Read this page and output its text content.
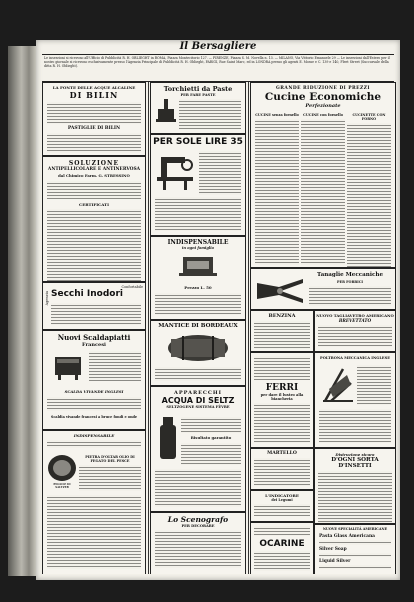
Il Bersagliere
Le inserzioni si ricevono all'Ufficio di Pubblicità R. H. OBLIEGHT in ROMA, Piazza Montecitorio 127. — FIRENZE, Piazza S. M. Novella n. 13. — MILANO, Via Vittorio Emanuele 29 — Le inserzioni dall'Estero per il nostro giornale si ricevono esclusivamente presso l'Agenzia Principale di Pubblicità R. H. Oblieght, PARIGI, Rue Saint Marc, ed in LONDRA presso gli agenti E. Mosse e C. 139 e 140, Fleet Street (Succursale della ditta R. H. Oblieght).
LA FONTE DELLE ACQUE ALCALINE
DI BILIN
PASTIGLIE DI BILIN
SOLUZIONE
ANTIPELLICOLARE E ANTINERVOSA
dal Chimico Farm. G. STRESSINO
CERTIFICATI
Agenzia Secchi Inodori
Confortabile
Nuovi Scaldapiatti
Francesi
SCALDA VIVANDE INGLESI
Scaldia vivande francesi a bruce fondi e onde
INDISPENSABILE
PILLOLE DI SALTZER
PIETRA D'OLTAR OLIO DI FEGATO DEL PESCE
Torchietti da Paste
PER FARE PASTE
PER SOLE LIRE 35
INDISPENSABILE
in ogni famiglia
Prezzo L. 50
MANTICE DI BORDEAUX
APPARECCHI
ACQUA DI SELTZ
SELTZOGENE SISTEMA FÈVRE
Risultato garantito
Lo Scenografo
PER DECORARE
GRANDE RIDUZIONE DI PREZZI
Cucine Economiche
Perfezionate
CUCINE senza fornello	CUCINE con fornello	CUCINETTE CON FORNO
Tanaglie Meccaniche
PER FORBICI
BENZINA	NUOVO TAGLIAVETRO AMERICANO
BREVETTATO
FERRI
per dare il lustro alla biancheria
POLTRONA MECCANICA INGLESE
MARTELLO	Distruzione sicura
D'OGNI SORTA D'INSETTI
L'INDICATORE
dei Legumi
OCARINE
NUOVE SPECIALITÀ AMERICANE
Pasta Glass Americana
Silver Soap
Liquid Silver
